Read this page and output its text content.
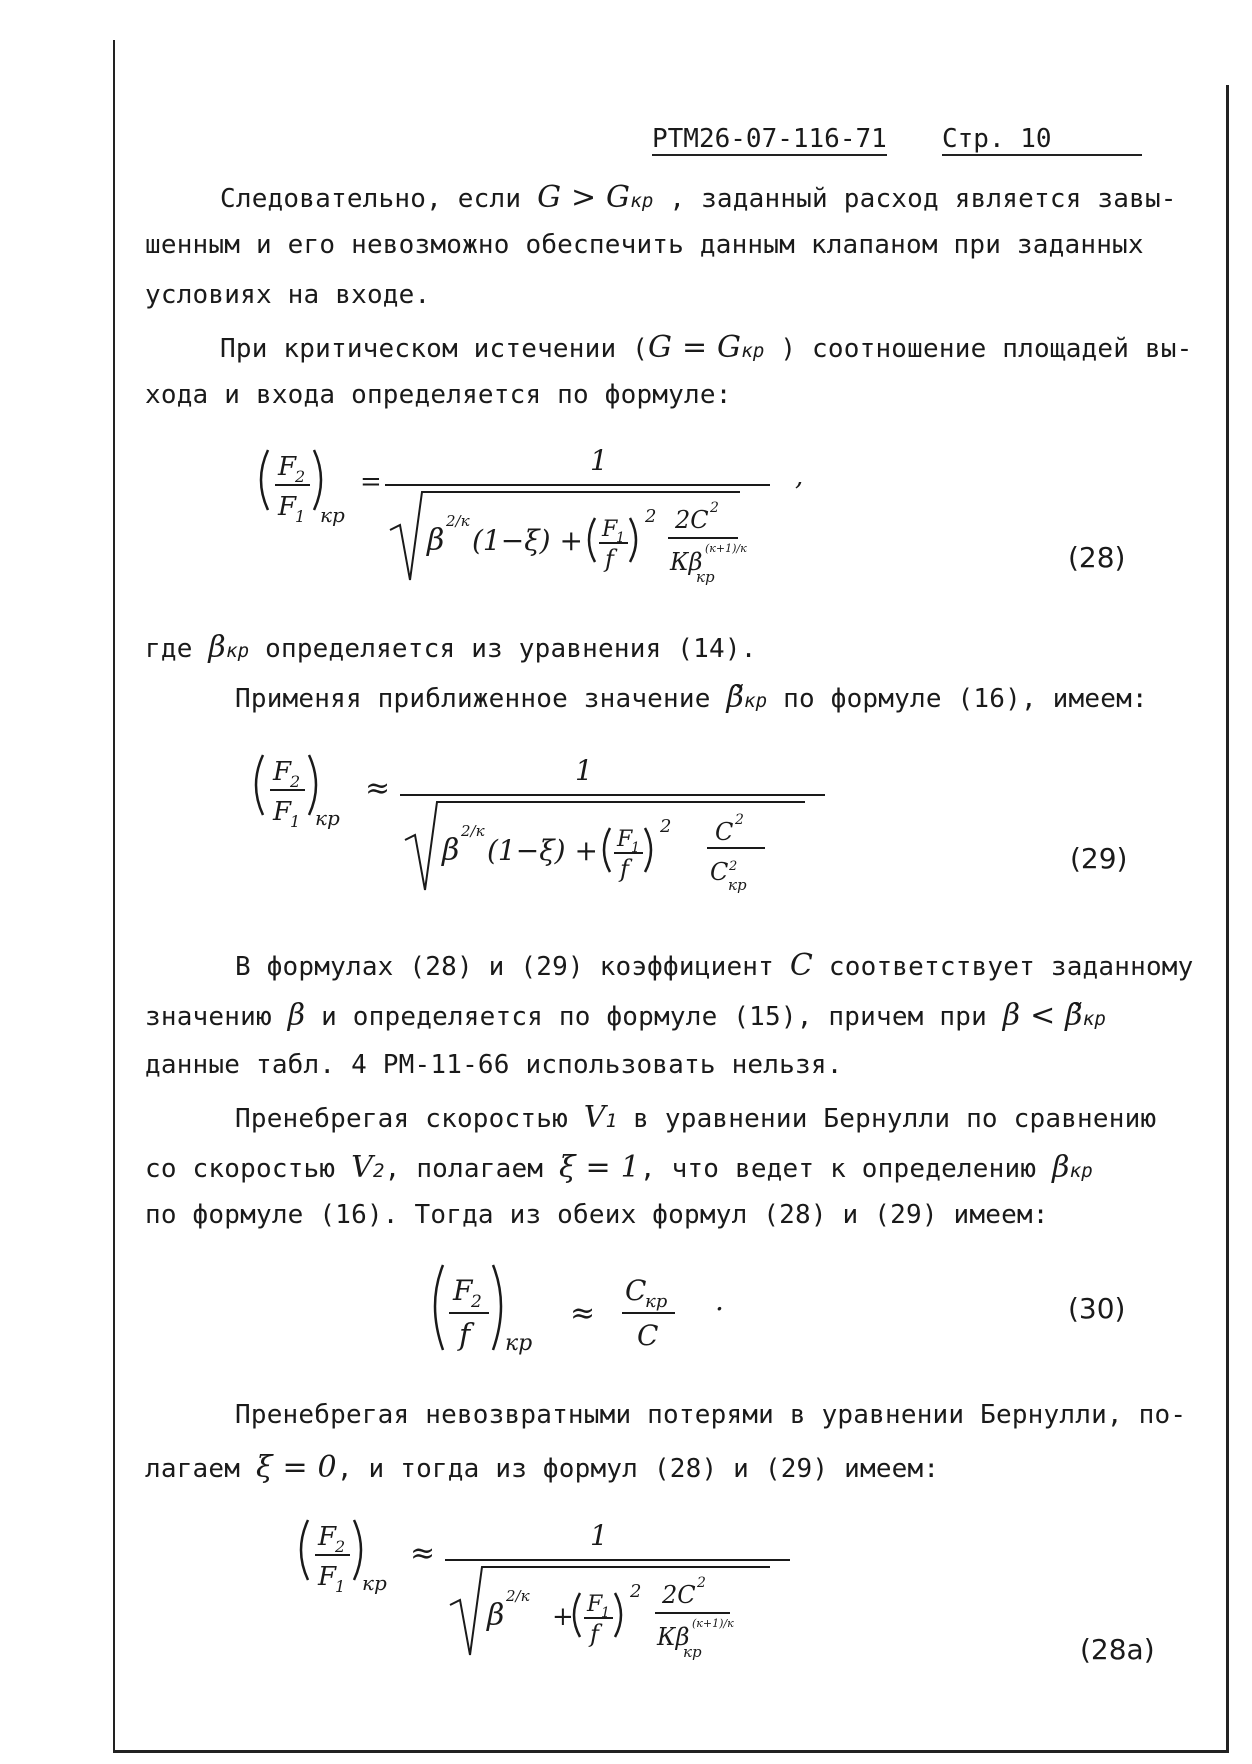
РТМ26-07-116-71 Стр. 10
Следовательно, если G > Gкр , заданный расход является завы-
шенным и его невозможно обеспечить данным клапаном при заданных
условиях на входе.
При критическом истечении (G = Gкр ) соотношение площадей вы-
хода и входа определяется по формуле:
F
2
F
1 кр
=
1
β
2/к
(1−ξ) + F
1
f
2 2C 2
Кβ
кр
(к+1)/к
,
(28)
где βкр определяется из уравнения (14).
Применяя приближенное значение β̃кр по формуле (16), имеем:
F
2
F
1 кр
≈
1
β
2/к
(1−ξ) + F
1
f
2 C 2
C кр
2	(29)
В формулах (28) и (29) коэффициент C соответствует заданному
значению β и определяется по формуле (15), причем при β < β̃кр
данные табл. 4 РМ-11-66 использовать нельзя.
Пренебрегая скоростью V1 в уравнении Бернулли по сравнению
со скоростью V2, полагаем ξ = 1, что ведет к определению βкр
по формуле (16). Тогда из обеих формул (28) и (29) имеем:
F
2
f кр
≈
C
кр
C
.	(30)
Пренебрегая невозвратными потерями в уравнении Бернулли, по-
лагаем ξ = 0, и тогда из формул (28) и (29) имеем:
F
2
F
1 кр
≈
1
β
2/к
+ F
1
f
2 2C 2
Кβ
кр
(к+1)/к
(28а)
